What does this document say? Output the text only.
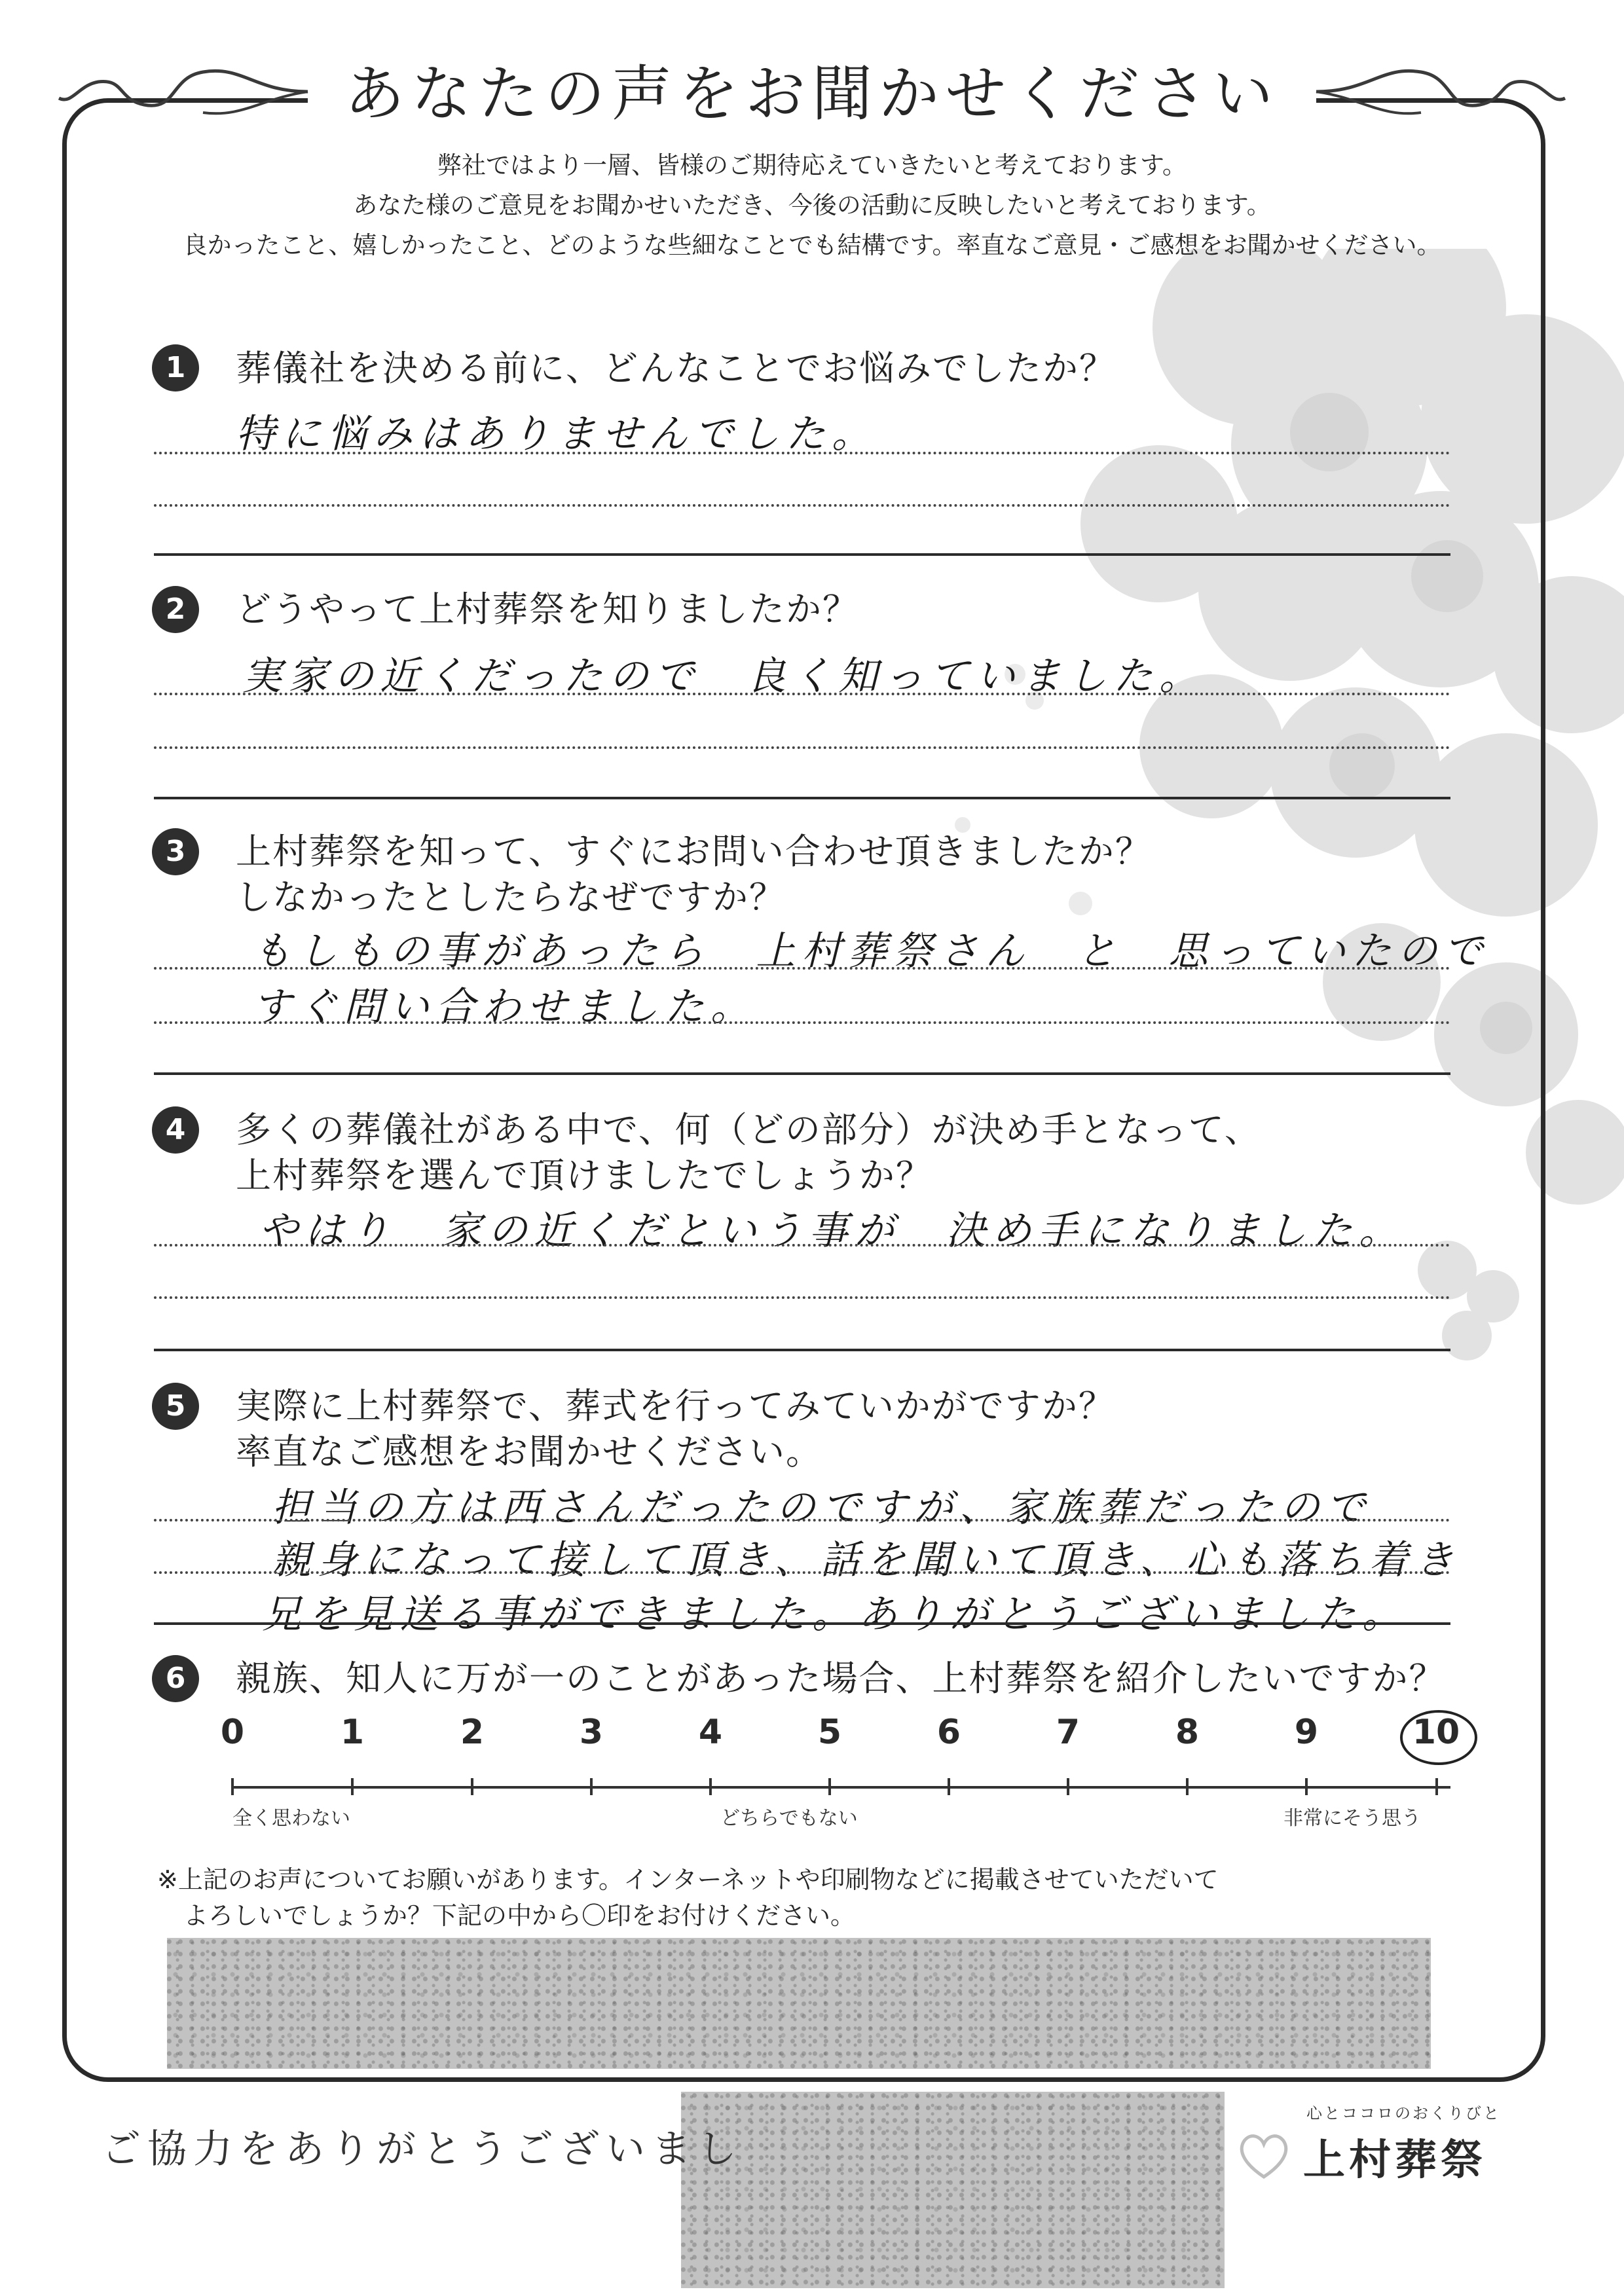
あなたの声をお聞かせください
弊社ではより一層、皆様のご期待応えていきたいと考えております。
あなた様のご意見をお聞かせいただき、今後の活動に反映したいと考えております。
良かったこと、嬉しかったこと、どのような些細なことでも結構です。率直なご意見・ご感想をお聞かせください。
1	葬儀社を決める前に、どんなことでお悩みでしたか？
特に悩みはありませんでした。
2	どうやって上村葬祭を知りましたか？
実家の近くだったので　良く知っていました。
3	上村葬祭を知って、すぐにお問い合わせ頂きましたか？
しなかったとしたらなぜですか？
もしもの事があったら　上村葬祭さん　と　思っていたので
すぐ問い合わせました。
4	多くの葬儀社がある中で、何（どの部分）が決め手となって、
上村葬祭を選んで頂けましたでしょうか？
やはり　家の近くだという事が　決め手になりました。
5	実際に上村葬祭で、葬式を行ってみていかがですか？
率直なご感想をお聞かせください。
担当の方は西さんだったのですが、家族葬だったので
親身になって接して頂き、話を聞いて頂き、心も落ち着き
兄を見送る事ができました。ありがとうございました。
6	親族、知人に万が一のことがあった場合、上村葬祭を紹介したいですか？
0	1	2	3	4	5	6	7	8	9	10
全く思わない	どちらでもない	非常にそう思う
※上記のお声についてお願いがあります。インターネットや印刷物などに掲載させていただいて
よろしいでしょうか？下記の中から〇印をお付けください。
ご協力をありがとうございまし
心とココロのおくりびと
上村葬祭
